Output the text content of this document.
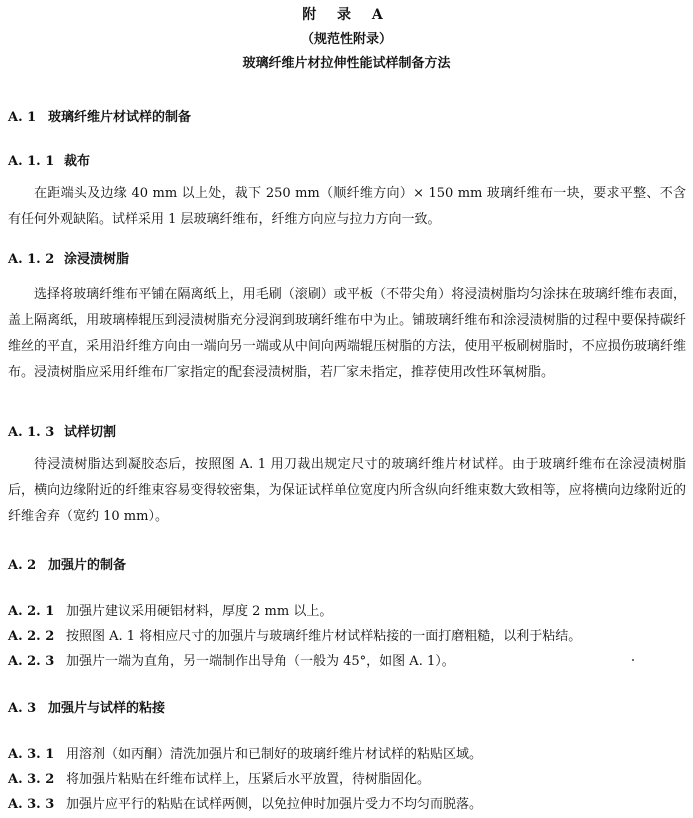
附 录 A
（规范性附录）
玻璃纤维片材拉伸性能试样制备方法
A. 1 玻璃纤维片材试样的制备
A. 1. 1 裁布
在距端头及边缘 40 mm 以上处，裁下 250 mm（顺纤维方向）× 150 mm 玻璃纤维布一块，要求平整、不含有任何外观缺陷。试样采用 1 层玻璃纤维布，纤维方向应与拉力方向一致。
A. 1. 2 涂浸渍树脂
选择将玻璃纤维布平铺在隔离纸上，用毛刷（滚刷）或平板（不带尖角）将浸渍树脂均匀涂抹在玻璃纤维布表面，盖上隔离纸，用玻璃棒辊压到浸渍树脂充分浸润到玻璃纤维布中为止。铺玻璃纤维布和涂浸渍树脂的过程中要保持碳纤维丝的平直，采用沿纤维方向由一端向另一端或从中间向两端辊压树脂的方法，使用平板刷树脂时，不应损伤玻璃纤维布。浸渍树脂应采用纤维布厂家指定的配套浸渍树脂，若厂家未指定，推荐使用改性环氧树脂。
A. 1. 3 试样切割
待浸渍树脂达到凝胶态后，按照图 A. 1 用刀裁出规定尺寸的玻璃纤维片材试样。由于玻璃纤维布在涂浸渍树脂后，横向边缘附近的纤维束容易变得较密集，为保证试样单位宽度内所含纵向纤维束数大致相等，应将横向边缘附近的纤维舍弃（宽约 10 mm）。
A. 2 加强片的制备
A. 2. 1 加强片建议采用硬铝材料，厚度 2 mm 以上。
A. 2. 2 按照图 A. 1 将相应尺寸的加强片与玻璃纤维片材试样粘接的一面打磨粗糙，以利于粘结。
A. 2. 3 加强片一端为直角，另一端制作出导角（一般为 45°，如图 A. 1）。
A. 3 加强片与试样的粘接
A. 3. 1 用溶剂（如丙酮）清洗加强片和已制好的玻璃纤维片材试样的粘贴区域。
A. 3. 2 将加强片粘贴在纤维布试样上，压紧后水平放置，待树脂固化。
A. 3. 3 加强片应平行的粘贴在试样两侧，以免拉伸时加强片受力不均匀而脱落。
